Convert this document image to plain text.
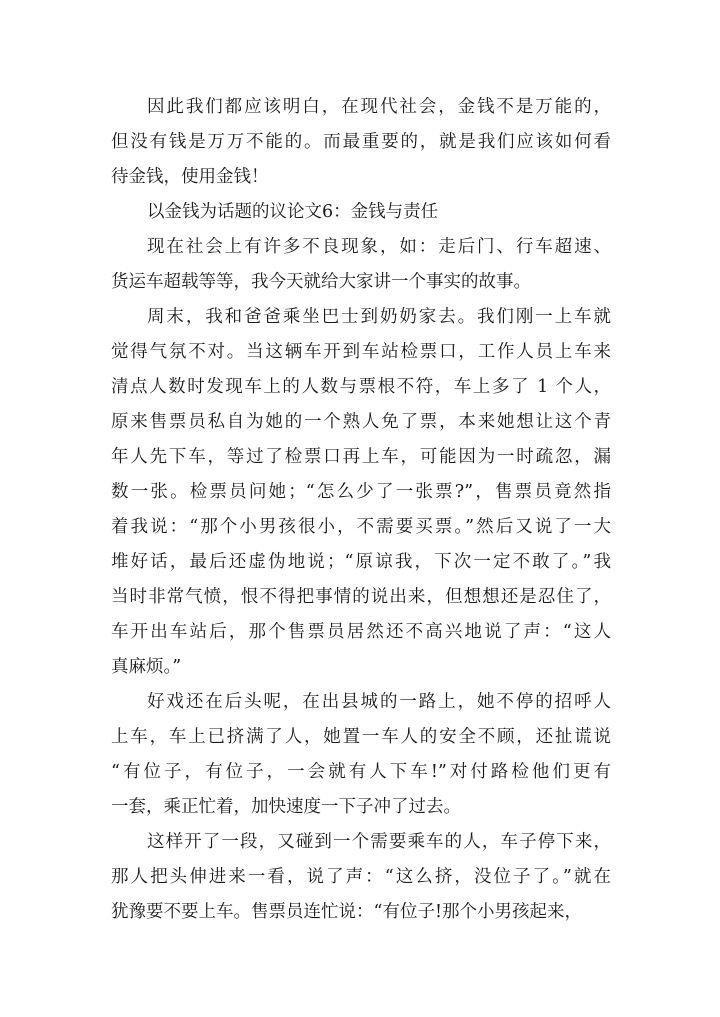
因此我们都应该明白，在现代社会，金钱不是万能的，
但没有钱是万万不能的。而最重要的，就是我们应该如何看
待金钱，使用金钱！
以金钱为话题的议论文6：金钱与责任
现在社会上有许多不良现象，如：走后门、行车超速、
货运车超载等等，我今天就给大家讲一个事实的故事。
周末，我和爸爸乘坐巴士到奶奶家去。我们刚一上车就
觉得气氛不对。当这辆车开到车站检票口，工作人员上车来
清点人数时发现车上的人数与票根不符，车上多了 1 个人，
原来售票员私自为她的一个熟人免了票，本来她想让这个青
年人先下车，等过了检票口再上车，可能因为一时疏忽，漏
数一张。检票员问她；“怎么少了一张票?”，售票员竟然指
着我说：“那个小男孩很小，不需要买票。”然后又说了一大
堆好话，最后还虚伪地说；“原谅我，下次一定不敢了。”我
当时非常气愤，恨不得把事情的说出来，但想想还是忍住了，
车开出车站后，那个售票员居然还不高兴地说了声：“这人
真麻烦。”
好戏还在后头呢，在出县城的一路上，她不停的招呼人
上车，车上已挤满了人，她置一车人的安全不顾，还扯谎说
“有位子，有位子，一会就有人下车!”对付路检他们更有
一套，乘正忙着，加快速度一下子冲了过去。
这样开了一段，又碰到一个需要乘车的人，车子停下来，
那人把头伸进来一看，说了声：“这么挤，没位子了。”就在
犹豫要不要上车。售票员连忙说：“有位子!那个小男孩起来，
